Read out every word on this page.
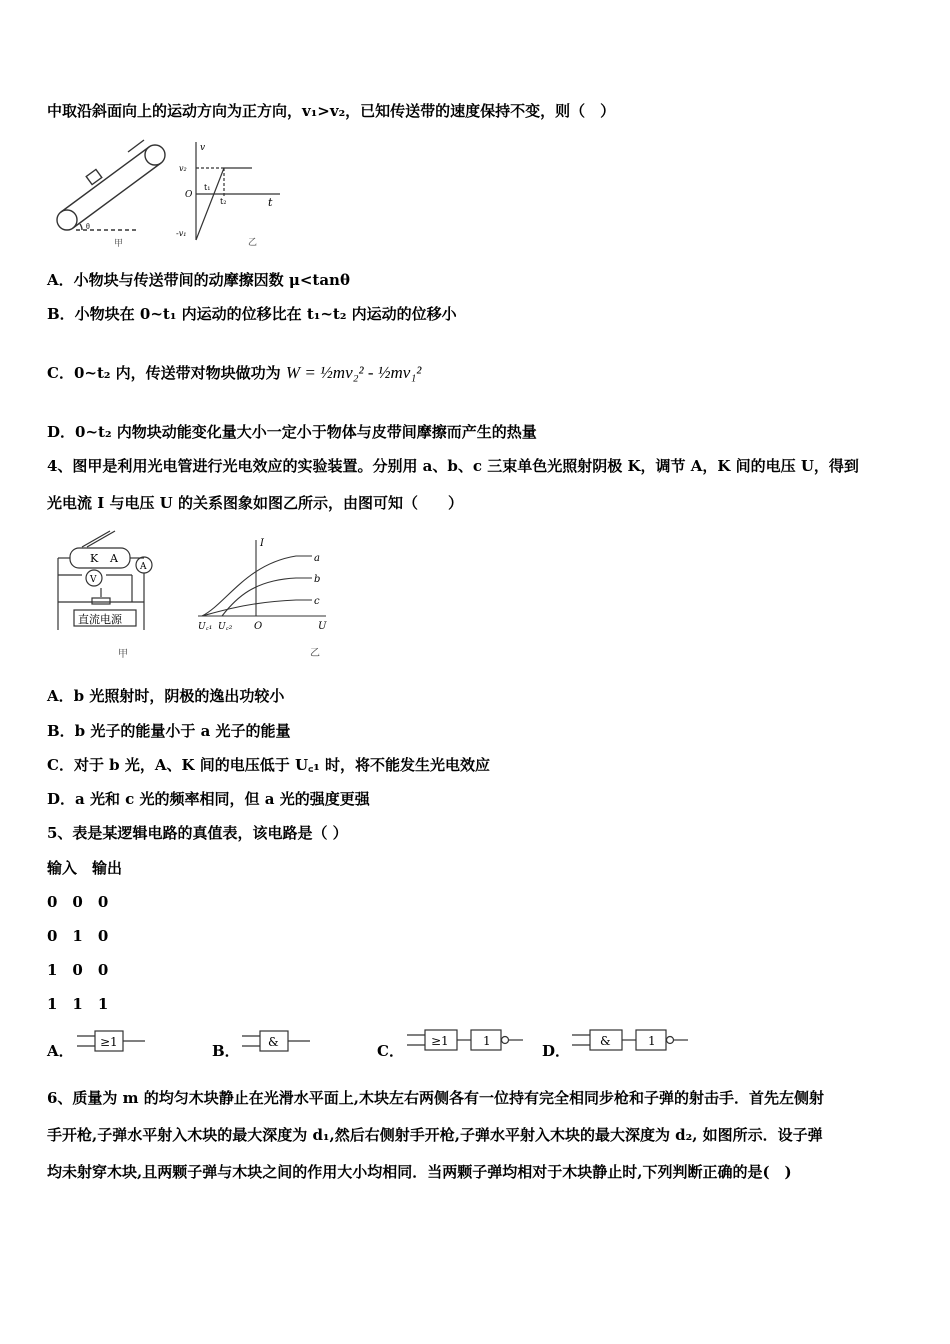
中取沿斜面向上的运动方向为正方向，v₁>v₂，已知传送带的速度保持不变，则（　）
θ
甲
v
v₂
O
t₁
t₂	t
-v₁
乙
A．小物块与传送带间的动摩擦因数 μ<tanθ
B．小物块在 0~t₁ 内运动的位移比在 t₁~t₂ 内运动的位移小
C．0~t₂ 内，传送带对物块做功为 W = ½mv₂² - ½mv₁²
D．0~t₂ 内物块动能变化量大小一定小于物体与皮带间摩擦而产生的热量
4、图甲是利用光电管进行光电效应的实验装置。分别用 a、b、c 三束单色光照射阴极 K，调节 A，K 间的电压 U，得到
光电流 I 与电压 U 的关系图象如图乙所示，由图可知（　　）
K A
A
V
直流电源
甲
I
a
b
c
U꜀₁ U꜀₂ O	U
乙
A．b 光照射时，阴极的逸出功较小
B．b 光子的能量小于 a 光子的能量
C．对于 b 光，A、K 间的电压低于 U꜀₁ 时，将不能发生光电效应
D．a 光和 c 光的频率相同，但 a 光的强度更强
5、表是某逻辑电路的真值表，该电路是（ ）
输入　输出
0　0　0
0　1　0
1　0　0
1　1　1
A． ≥1	B． &	C．
≥1	1
D．
&	1
6、质量为 m 的均匀木块静止在光滑水平面上,木块左右两侧各有一位持有完全相同步枪和子弹的射击手．首先左侧射
手开枪,子弹水平射入木块的最大深度为 d₁,然后右侧射手开枪,子弹水平射入木块的最大深度为 d₂, 如图所示．设子弹
均未射穿木块,且两颗子弹与木块之间的作用大小均相同．当两颗子弹均相对于木块静止时,下列判断正确的是(　)
